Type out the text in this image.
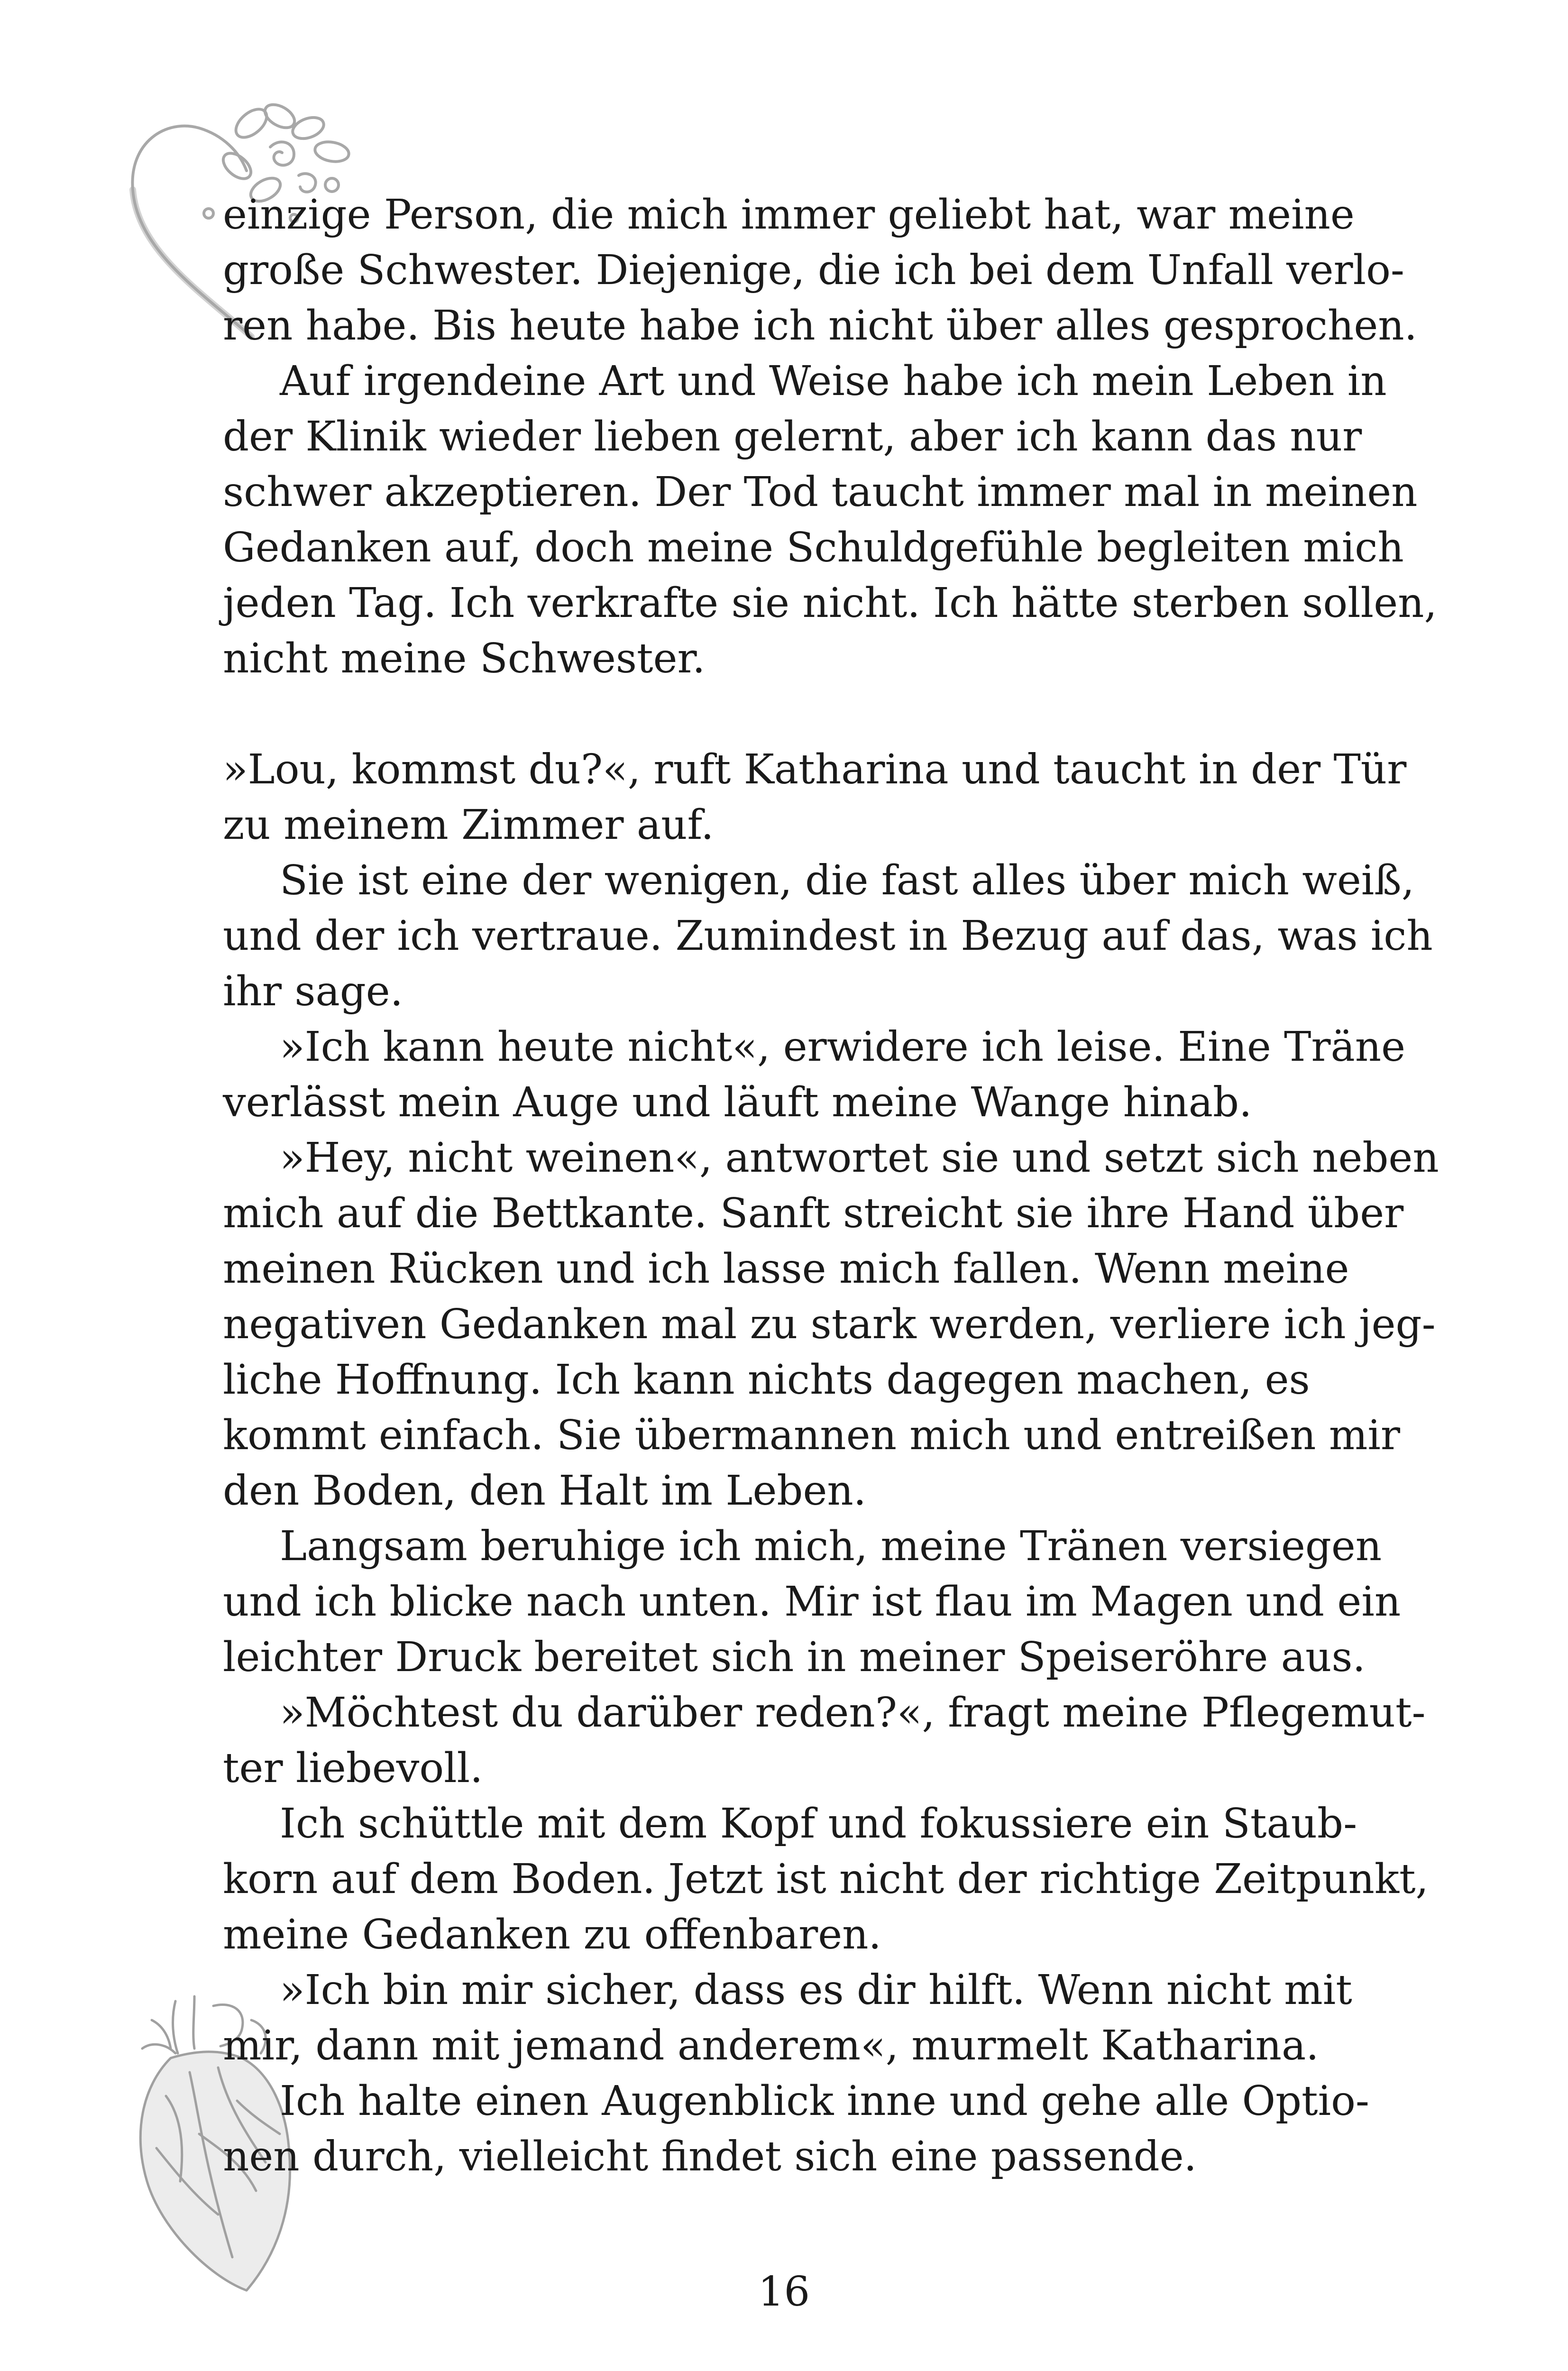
einzige Person, die mich immer geliebt hat, war meine
große Schwester. Diejenige, die ich bei dem Unfall verlo-
ren habe. Bis heute habe ich nicht über alles gesprochen.
Auf irgendeine Art und Weise habe ich mein Leben in
der Klinik wieder lieben gelernt, aber ich kann das nur
schwer akzeptieren. Der Tod taucht immer mal in meinen
Gedanken auf, doch meine Schuldgefühle begleiten mich
jeden Tag. Ich verkrafte sie nicht. Ich hätte sterben sollen,
nicht meine Schwester.
»Lou, kommst du?«, ruft Katharina und taucht in der Tür
zu meinem Zimmer auf.
Sie ist eine der wenigen, die fast alles über mich weiß,
und der ich vertraue. Zumindest in Bezug auf das, was ich
ihr sage.
»Ich kann heute nicht«, erwidere ich leise. Eine Träne
verlässt mein Auge und läuft meine Wange hinab.
»Hey, nicht weinen«, antwortet sie und setzt sich neben
mich auf die Bettkante. Sanft streicht sie ihre Hand über
meinen Rücken und ich lasse mich fallen. Wenn meine
negativen Gedanken mal zu stark werden, verliere ich jeg-
liche Hoffnung. Ich kann nichts dagegen machen, es
kommt einfach. Sie übermannen mich und entreißen mir
den Boden, den Halt im Leben.
Langsam beruhige ich mich, meine Tränen versiegen
und ich blicke nach unten. Mir ist flau im Magen und ein
leichter Druck bereitet sich in meiner Speiseröhre aus.
»Möchtest du darüber reden?«, fragt meine Pflegemut-
ter liebevoll.
Ich schüttle mit dem Kopf und fokussiere ein Staub-
korn auf dem Boden. Jetzt ist nicht der richtige Zeitpunkt,
meine Gedanken zu offenbaren.
»Ich bin mir sicher, dass es dir hilft. Wenn nicht mit
mir, dann mit jemand anderem«, murmelt Katharina.
Ich halte einen Augenblick inne und gehe alle Optio-
nen durch, vielleicht findet sich eine passende.
16
